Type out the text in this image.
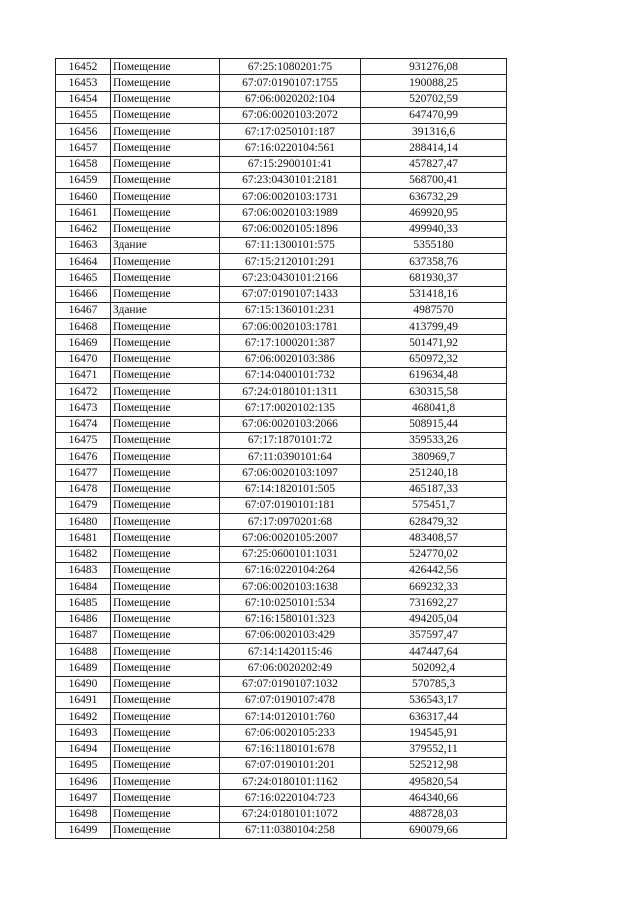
16452	Помещение	67:25:1080201:75	931276,08
16453	Помещение	67:07:0190107:1755	190088,25
16454	Помещение	67:06:0020202:104	520702,59
16455	Помещение	67:06:0020103:2072	647470,99
16456	Помещение	67:17:0250101:187	391316,6
16457	Помещение	67:16:0220104:561	288414,14
16458	Помещение	67:15:2900101:41	457827,47
16459	Помещение	67:23:0430101:2181	568700,41
16460	Помещение	67:06:0020103:1731	636732,29
16461	Помещение	67:06:0020103:1989	469920,95
16462	Помещение	67:06:0020105:1896	499940,33
16463	Здание	67:11:1300101:575	5355180
16464	Помещение	67:15:2120101:291	637358,76
16465	Помещение	67:23:0430101:2166	681930,37
16466	Помещение	67:07:0190107:1433	531418,16
16467	Здание	67:15:1360101:231	4987570
16468	Помещение	67:06:0020103:1781	413799,49
16469	Помещение	67:17:1000201:387	501471,92
16470	Помещение	67:06:0020103:386	650972,32
16471	Помещение	67:14:0400101:732	619634,48
16472	Помещение	67:24:0180101:1311	630315,58
16473	Помещение	67:17:0020102:135	468041,8
16474	Помещение	67:06:0020103:2066	508915,44
16475	Помещение	67:17:1870101:72	359533,26
16476	Помещение	67:11:0390101:64	380969,7
16477	Помещение	67:06:0020103:1097	251240,18
16478	Помещение	67:14:1820101:505	465187,33
16479	Помещение	67:07:0190101:181	575451,7
16480	Помещение	67:17:0970201:68	628479,32
16481	Помещение	67:06:0020105:2007	483408,57
16482	Помещение	67:25:0600101:1031	524770,02
16483	Помещение	67:16:0220104:264	426442,56
16484	Помещение	67:06:0020103:1638	669232,33
16485	Помещение	67:10:0250101:534	731692,27
16486	Помещение	67:16:1580101:323	494205,04
16487	Помещение	67:06:0020103:429	357597,47
16488	Помещение	67:14:1420115:46	447447,64
16489	Помещение	67:06:0020202:49	502092,4
16490	Помещение	67:07:0190107:1032	570785,3
16491	Помещение	67:07:0190107:478	536543,17
16492	Помещение	67:14:0120101:760	636317,44
16493	Помещение	67:06:0020105:233	194545,91
16494	Помещение	67:16:1180101:678	379552,11
16495	Помещение	67:07:0190101:201	525212,98
16496	Помещение	67:24:0180101:1162	495820,54
16497	Помещение	67:16:0220104:723	464340,66
16498	Помещение	67:24:0180101:1072	488728,03
16499	Помещение	67:11:0380104:258	690079,66
